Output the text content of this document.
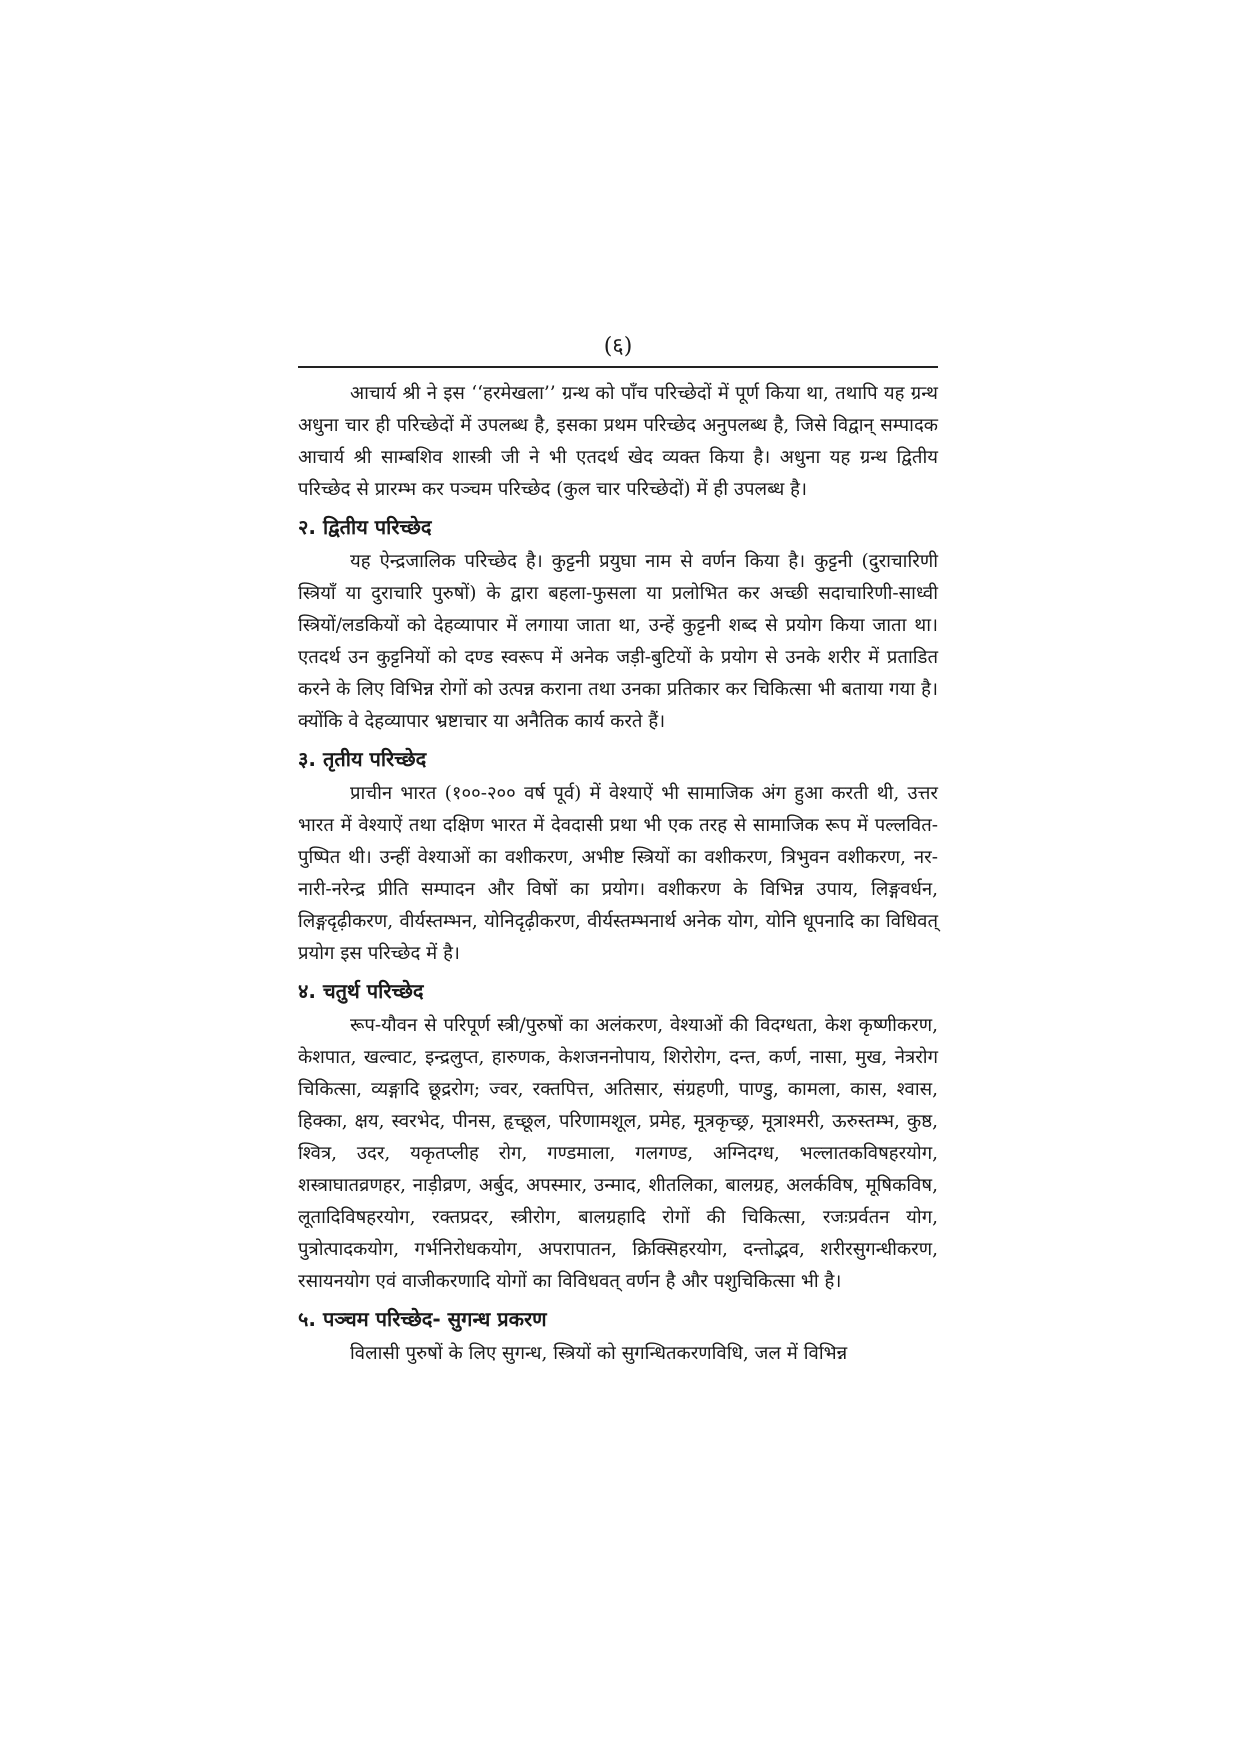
(६)

आचार्य श्री ने इस ‘‘हरमेखला’’ ग्रन्थ को पाँच परिच्छेदों में पूर्ण किया था, तथापि यह ग्रन्थ अधुना चार ही परिच्छेदों में उपलब्ध है, इसका प्रथम परिच्छेद अनुपलब्ध है, जिसे विद्वान् सम्पादक आचार्य श्री साम्बशिव शास्त्री जी ने भी एतदर्थ खेद व्यक्त किया है। अधुना यह ग्रन्थ द्वितीय परिच्छेद से प्रारम्भ कर पञ्चम परिच्छेद (कुल चार परिच्छेदों) में ही उपलब्ध है।

२. द्वितीय परिच्छेद

यह ऐन्द्रजालिक परिच्छेद है। कुट्टनी प्रयुघा नाम से वर्णन किया है। कुट्टनी (दुराचारिणी स्त्रियाँ या दुराचारि पुरुषों) के द्वारा बहला-फुसला या प्रलोभित कर अच्छी सदाचारिणी-साध्वी स्त्रियों/लडकियों को देहव्यापार में लगाया जाता था, उन्हें कुट्टनी शब्द से प्रयोग किया जाता था। एतदर्थ उन कुट्टनियों को दण्ड स्वरूप में अनेक जड़ी-बुटियों के प्रयोग से उनके शरीर में प्रताडित करने के लिए विभिन्न रोगों को उत्पन्न कराना तथा उनका प्रतिकार कर चिकित्सा भी बताया गया है। क्योंकि वे देहव्यापार भ्रष्टाचार या अनैतिक कार्य करते हैं।

३. तृतीय परिच्छेद

प्राचीन भारत (१००-२०० वर्ष पूर्व) में वेश्याऐं भी सामाजिक अंग हुआ करती थी, उत्तर भारत में वेश्याऐं तथा दक्षिण भारत में देवदासी प्रथा भी एक तरह से सामाजिक रूप में पल्लवित-पुष्पित थी। उन्हीं वेश्याओं का वशीकरण, अभीष्ट स्त्रियों का वशीकरण, त्रिभुवन वशीकरण, नर-नारी-नरेन्द्र प्रीति सम्पादन और विषों का प्रयोग। वशीकरण के विभिन्न उपाय, लिङ्गवर्धन, लिङ्गदृढ़ीकरण, वीर्यस्तम्भन, योनिदृढ़ीकरण, वीर्यस्तम्भनार्थ अनेक योग, योनि धूपनादि का विधिवत् प्रयोग इस परिच्छेद में है।

४. चतुर्थ परिच्छेद

रूप-यौवन से परिपूर्ण स्त्री/पुरुषों का अलंकरण, वेश्याओं की विदग्धता, केश कृष्णीकरण, केशपात, खल्वाट, इन्द्रलुप्त, हारुणक, केशजननोपाय, शिरोरोग, दन्त, कर्ण, नासा, मुख, नेत्ररोग चिकित्सा, व्यङ्गादि छूद्ररोग; ज्वर, रक्तपित्त, अतिसार, संग्रहणी, पाण्डु, कामला, कास, श्वास, हिक्का, क्षय, स्वरभेद, पीनस, हृच्छूल, परिणामशूल, प्रमेह, मूत्रकृच्छ्र, मूत्राश्मरी, ऊरुस्तम्भ, कुष्ठ, श्वित्र, उदर, यकृतप्लीह रोग, गण्डमाला, गलगण्ड, अग्निदग्ध, भल्लातकविषहरयोग, शस्त्राघातव्रणहर, नाड़ीव्रण, अर्बुद, अपस्मार, उन्माद, शीतलिका, बालग्रह, अलर्कविष, मूषिकविष, लूतादिविषहरयोग, रक्तप्रदर, स्त्रीरोग, बालग्रहादि रोगों की चिकित्सा, रजःप्रर्वतन योग, पुत्रोत्पादकयोग, गर्भनिरोधकयोग, अपरापातन, क्रिक्सिहरयोग, दन्तोद्भव, शरीरसुगन्धीकरण, रसायनयोग एवं वाजीकरणादि योगों का विविधवत् वर्णन है और पशुचिकित्सा भी है।

५. पञ्चम परिच्छेद- सुगन्ध प्रकरण

विलासी पुरुषों के लिए सुगन्ध, स्त्रियों को सुगन्धितकरणविधि, जल में विभिन्न
